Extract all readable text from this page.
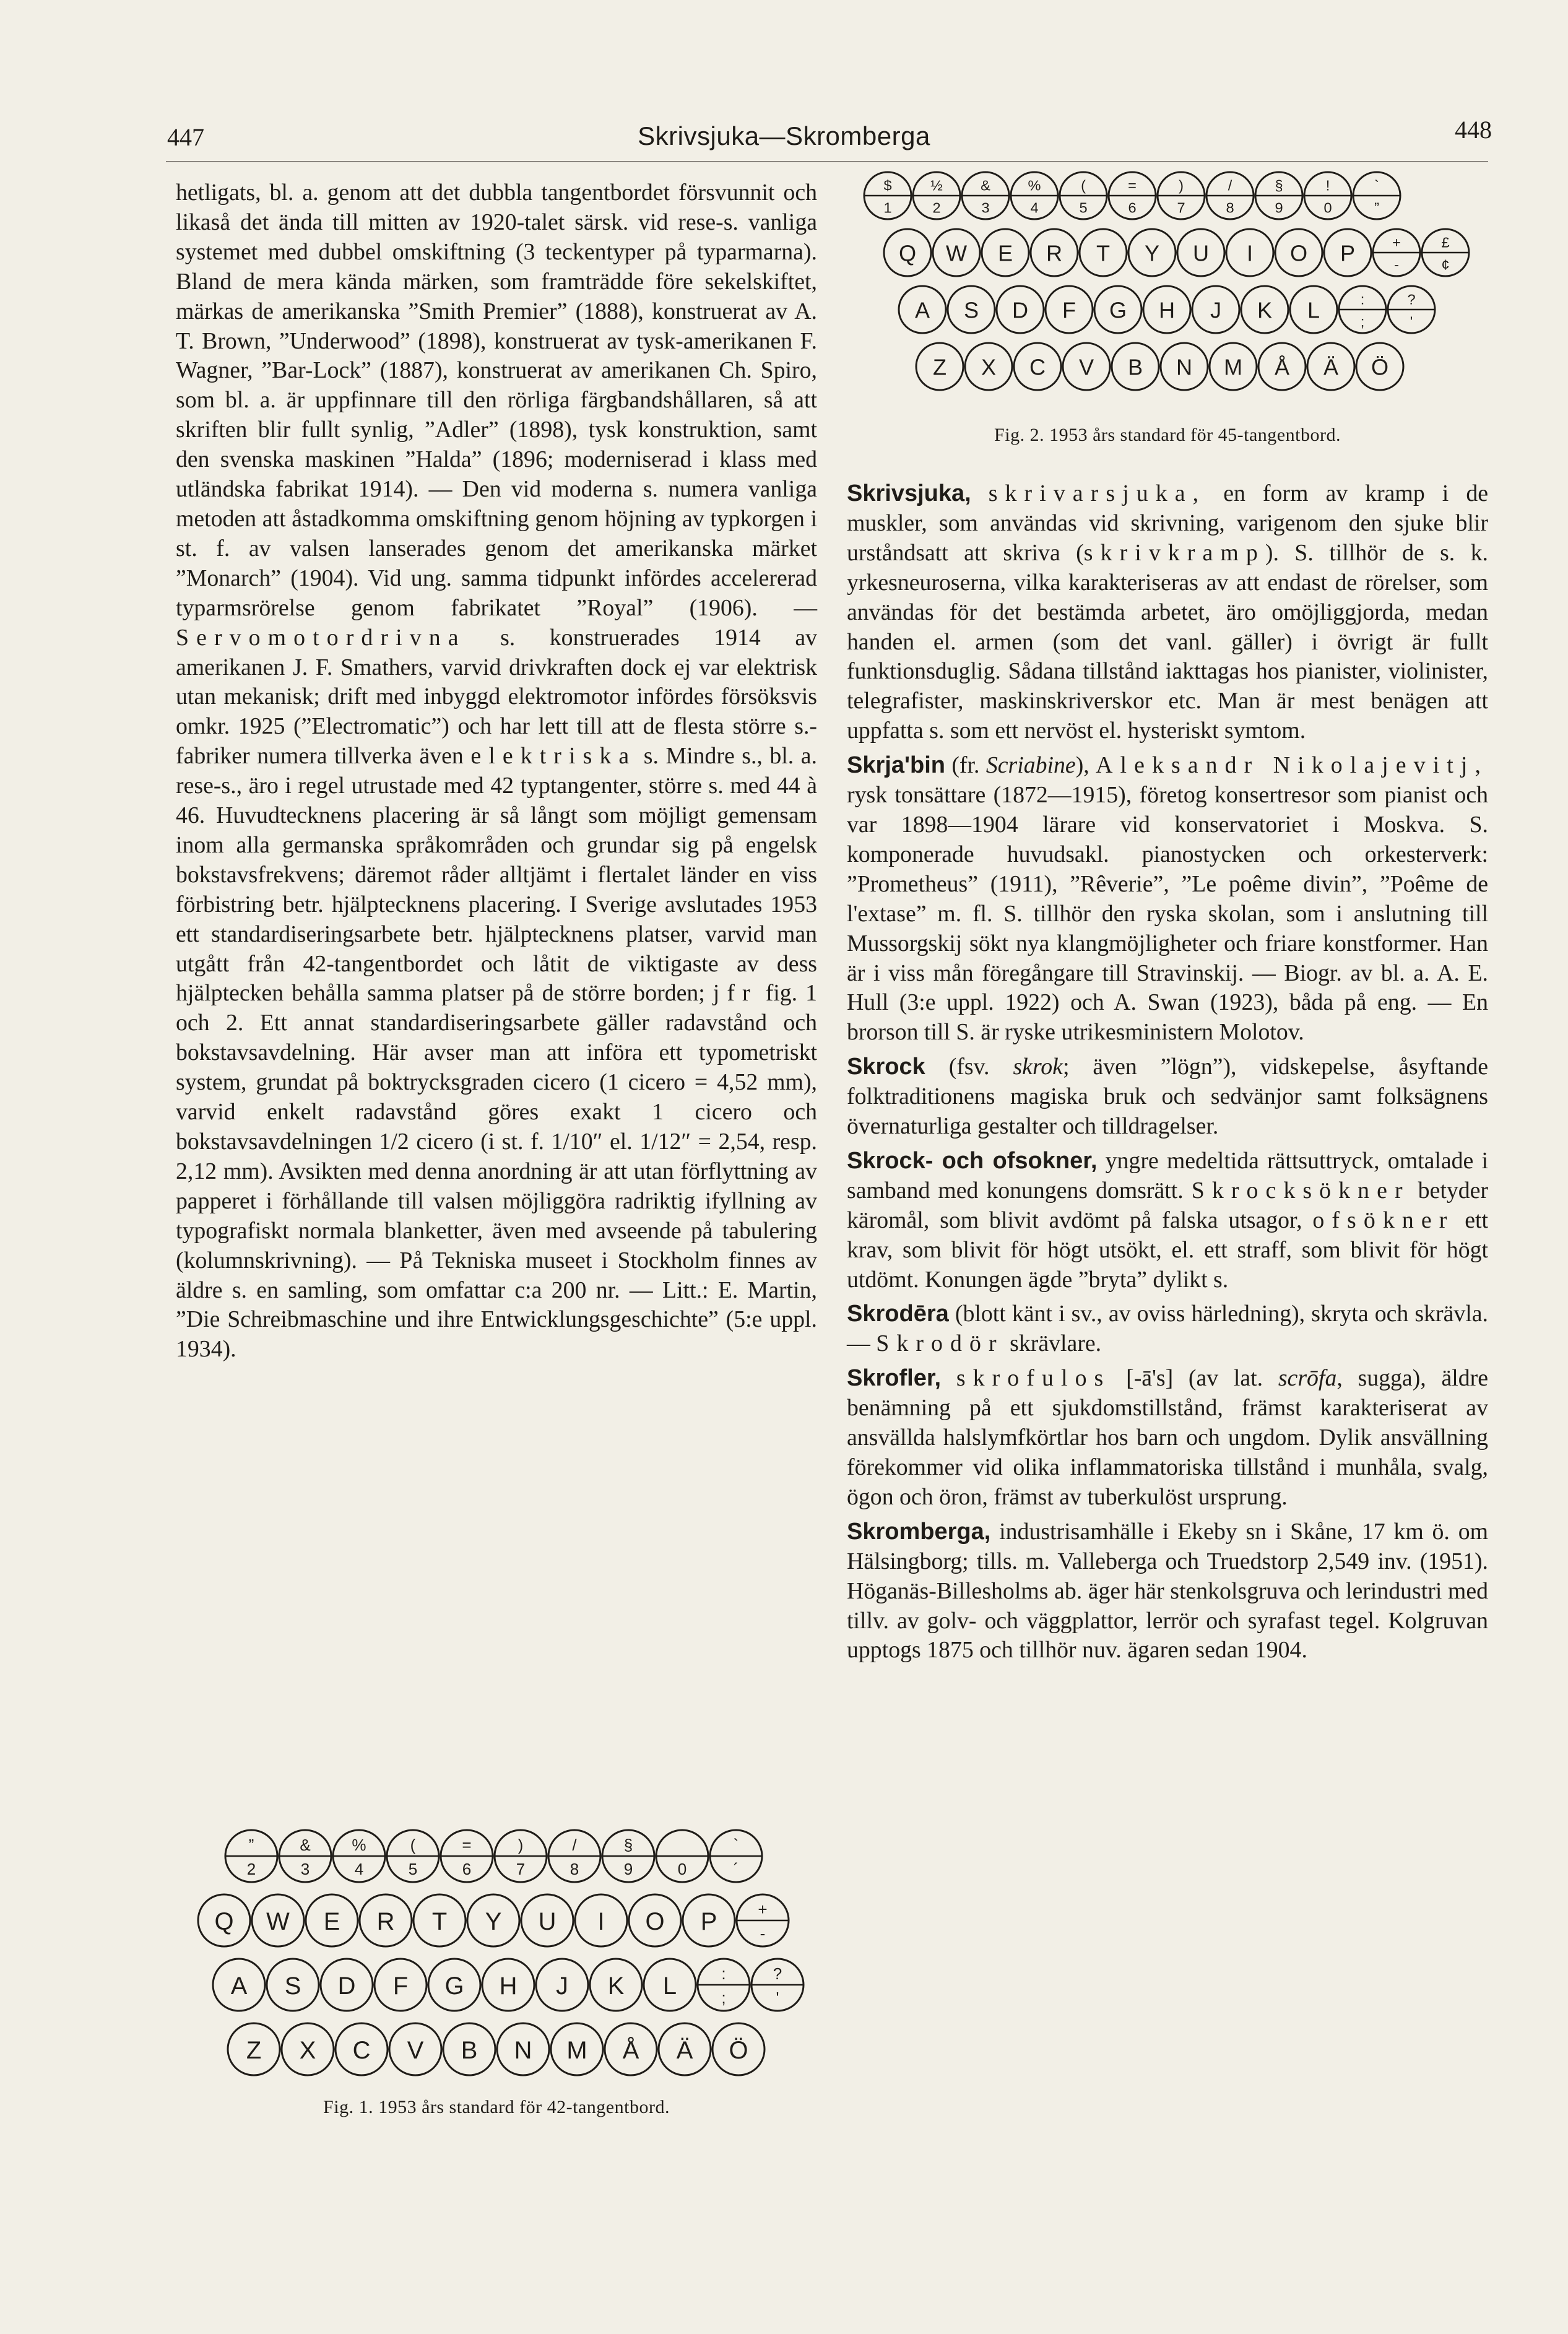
447	Skrivsjuka—Skromberga	448

hetligats, bl. a. genom att det dubbla tangentbordet försvunnit och likaså det ända till mitten av 1920-talet särsk. vid rese-s. vanliga systemet med dubbel omskiftning (3 teckentyper på typarmarna). Bland de mera kända märken, som framträdde före sekelskiftet, märkas de amerikanska ”Smith Premier” (1888), konstruerat av A. T. Brown, ”Underwood” (1898), konstruerat av tysk-amerikanen F. Wagner, ”Bar-Lock” (1887), konstruerat av amerikanen Ch. Spiro, som bl. a. är uppfinnare till den rörliga färgbandshållaren, så att skriften blir fullt synlig, ”Adler” (1898), tysk konstruktion, samt den svenska maskinen ”Halda” (1896; moderniserad i klass med utländska fabrikat 1914). — Den vid moderna s. numera vanliga metoden att åstadkomma omskiftning genom höjning av typkorgen i st. f. av valsen lanserades genom det amerikanska märket ”Monarch” (1904). Vid ung. samma tidpunkt infördes accelererad typarmsrörelse genom fabrikatet ”Royal” (1906). — Servomotordrivna s. konstruerades 1914 av amerikanen J. F. Smathers, varvid drivkraften dock ej var elektrisk utan mekanisk; drift med inbyggd elektromotor infördes försöksvis omkr. 1925 (”Electromatic”) och har lett till att de flesta större s.-fabriker numera tillverka även elektriska s. Mindre s., bl. a. rese-s., äro i regel utrustade med 42 typtangenter, större s. med 44 à 46. Huvudtecknens placering är så långt som möjligt gemensam inom alla germanska språkområden och grundar sig på engelsk bokstavsfrekvens; däremot råder alltjämt i flertalet länder en viss förbistring betr. hjälptecknens placering. I Sverige avslutades 1953 ett standardiseringsarbete betr. hjälptecknens platser, varvid man utgått från 42-tangentbordet och låtit de viktigaste av dess hjälptecken behålla samma platser på de större borden; jfr fig. 1 och 2. Ett annat standardiseringsarbete gäller radavstånd och bokstavsavdelning. Här avser man att införa ett typometriskt system, grundat på boktrycksgraden cicero (1 cicero = 4,52 mm), varvid enkelt radavstånd göres exakt 1 cicero och bokstavsavdelningen 1/2 cicero (i st. f. 1/10″ el. 1/12″ = 2,54, resp. 2,12 mm). Avsikten med denna anordning är att utan förflyttning av papperet i förhållande till valsen möjliggöra radriktig ifyllning av typografiskt normala blanketter, även med avseende på tabulering (kolumnskrivning). — På Tekniska museet i Stockholm finnes av äldre s. en samling, som omfattar c:a 200 nr. — Litt.: E. Martin, ”Die Schreibmaschine und ihre Entwicklungsgeschichte” (5:e uppl. 1934).

”
2
&
3
%
4
(
5
=
6
)
7
/
8
§
9	0
`
´
Q W E R T Y U I O P	+
-
A S D F G H J K L	:
;
?
'
Z X C V B N M Å Ä Ö
Fig. 1. 1953 års standard för 42-tangentbord.
$
1
½
2
&
3
%
4
(
5
=
6
)
7
/
8
§
9
!
0
`
”
Q W E R T Y U I O P	+
-
£
¢
A S D F G H J K L	:
;
?
'
Z X C V B N M Å Ä Ö
Fig. 2. 1953 års standard för 45-tangentbord.

Skrivsjuka, skrivarsjuka, en form av kramp i de muskler, som användas vid skrivning, varigenom den sjuke blir urståndsatt att skriva (skrivkramp). S. tillhör de s. k. yrkesneuroserna, vilka karakteriseras av att endast de rörelser, som användas för det bestämda arbetet, äro omöjliggjorda, medan handen el. armen (som det vanl. gäller) i övrigt är fullt funktionsduglig. Sådana tillstånd iakttagas hos pianister, violinister, telegrafister, maskinskriverskor etc. Man är mest benägen att uppfatta s. som ett nervöst el. hysteriskt symtom.

Skrja'bin (fr. Scriabine), Aleksandr Nikolajevitj, rysk tonsättare (1872—1915), företog konsertresor som pianist och var 1898—1904 lärare vid konservatoriet i Moskva. S. komponerade huvudsakl. pianostycken och orkesterverk: ”Prometheus” (1911), ”Rêverie”, ”Le poême divin”, ”Poême de l'extase” m. fl. S. tillhör den ryska skolan, som i anslutning till Mussorgskij sökt nya klangmöjligheter och friare konstformer. Han är i viss mån föregångare till Stravinskij. — Biogr. av bl. a. A. E. Hull (3:e uppl. 1922) och A. Swan (1923), båda på eng. — En brorson till S. är ryske utrikesministern Molotov.

Skrock (fsv. skrok; även ”lögn”), vidskepelse, åsyftande folktraditionens magiska bruk och sedvänjor samt folksägnens övernaturliga gestalter och tilldragelser.

Skrock- och ofsokner, yngre medeltida rättsuttryck, omtalade i samband med konungens domsrätt. Skrocksökner betyder käromål, som blivit avdömt på falska utsagor, ofsökner ett krav, som blivit för högt utsökt, el. ett straff, som blivit för högt utdömt. Konungen ägde ”bryta” dylikt s.

Skrodēra (blott känt i sv., av oviss härledning), skryta och skrävla. — Skrodör skrävlare.

Skrofler, skrofulos [-ā's] (av lat. scrōfa, sugga), äldre benämning på ett sjukdomstillstånd, främst karakteriserat av ansvällda halslymfkörtlar hos barn och ungdom. Dylik ansvällning förekommer vid olika inflammatoriska tillstånd i munhåla, svalg, ögon och öron, främst av tuberkulöst ursprung.

Skromberga, industrisamhälle i Ekeby sn i Skåne, 17 km ö. om Hälsingborg; tills. m. Valleberga och Truedstorp 2,549 inv. (1951). Höganäs-Billesholms ab. äger här stenkolsgruva och lerindustri med tillv. av golv- och väggplattor, lerrör och syrafast tegel. Kolgruvan upptogs 1875 och tillhör nuv. ägaren sedan 1904.
